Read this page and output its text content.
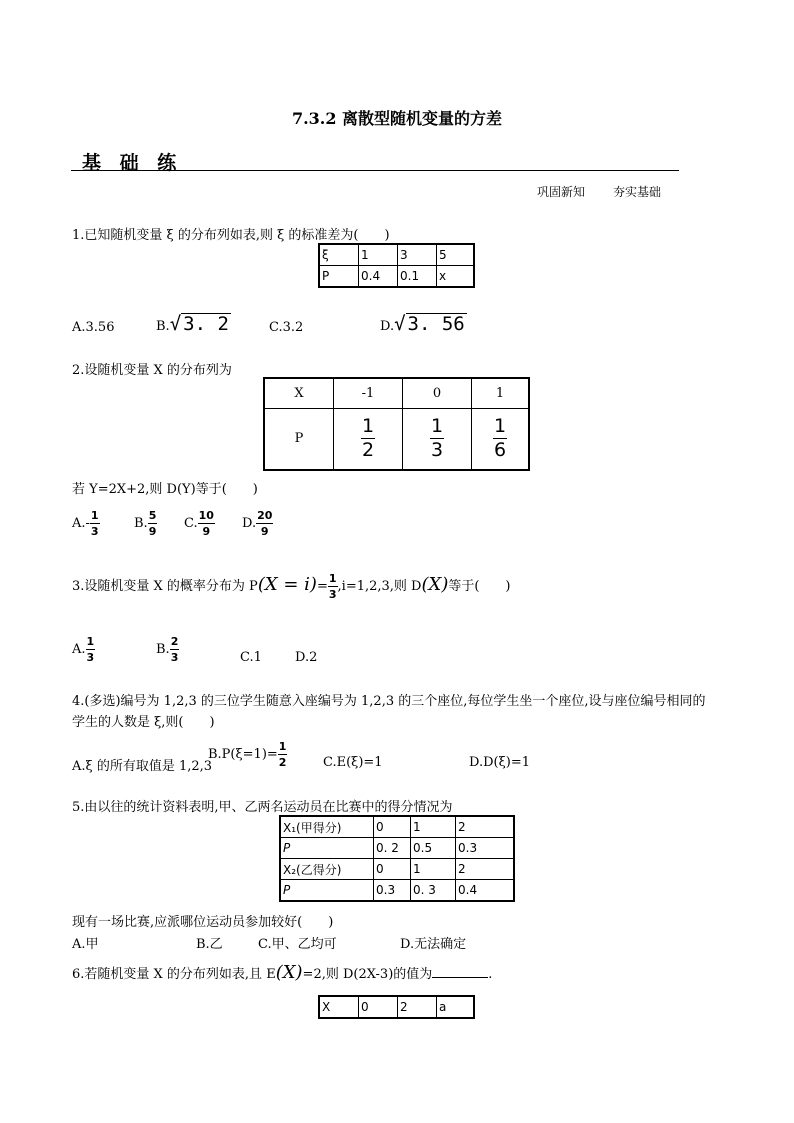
7.3.2 离散型随机变量的方差
基 础 练
巩固新知 夯实基础
1.已知随机变量 ξ 的分布列如表,则 ξ 的标准差为(　　)
ξ	1	3	5
P	0.4	0.1	x
A.3.56	B.√ 3. 2	C.3.2	D.√ 3. 56
2.设随机变量 X 的分布列为
X	-1	0	1
P	$\frac{1}{2}$	$\frac{1}{3}$	$\frac{1}{6}$
若 Y=2X+2,则 D(Y)等于(　　)
$A.- \frac{1}{3}$	B. $\frac{5}{9} C$. $\frac{10}{9} D$. $\frac{20}{9}$
3.设随机变量 X 的概率分布为 $P(X = i)= \frac{1}{3} ,i=1,2,3$,则 D(X)等于(　　)
A. $\frac{1}{3}$	B. $\frac{2}{3}$	C.1	D.2
4.(多选)编号为 1,2,3 的三位学生随意入座编号为 1,2,3 的三个座位,每位学生坐一个座位,设与座位编号相同的
学生的人数是 ξ,则(　　)
A.ξ 的所有取值是 1,2,3
$B.P(\xi=1)= \frac{1}{2}$	C.E(ξ)=1	D.D(ξ)=1
5.由以往的统计资料表明,甲、乙两名运动员在比赛中的得分情况为
X₁(甲得分)	0	1	2
P	0. 2	0.5	0.3
X₂(乙得分)	0	1	2
P	0.3	0. 3	0.4
现有一场比赛,应派哪位运动员参加较好(　　)
A.甲	B.乙	C.甲、乙均可	D.无法确定
6.若随机变量 X 的分布列如表,且 E(X)=2,则 D(2X-3)的值为	.
X	0	2	a
